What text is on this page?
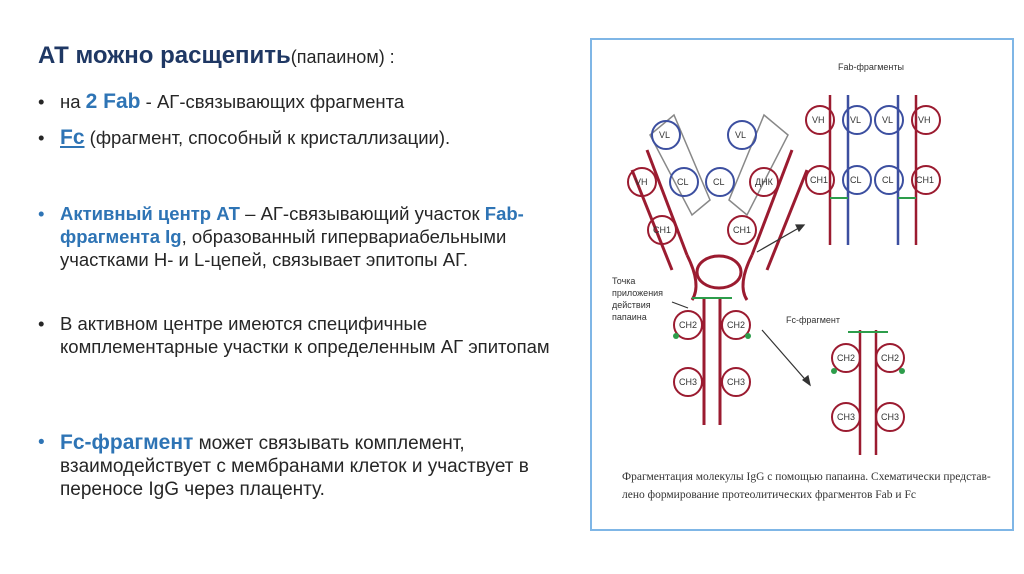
АТ можно расщепить(папаином) :
• на 2 Fab - АГ-связывающих фрагмента
• Fc (фрагмент, способный к кристаллизации).
• Активный центр АТ – АГ-связывающий участок Fab-фрагмента Ig, образованный гипервариабельными участками Н- и L-цепей, связывает эпитопы АГ.
• В активном центре имеются специфичные комплементарные участки к определенным АГ эпитопам
• Fc-фрагмент может связывать комплемент, взаимодействует с мембранами клеток и участвует в переносе IgG через плаценту.
Fab-фрагменты
Fc-фрагмент
Точка
приложения
действия
папаина
VL
VH	CL
CH1
VL
CL	ДНК
CH1
CH2	CH2
CH3	CH3
VH	VL VL	VH
CH1 CL CL CH1
CH2	CH2
CH3	CH3
Фрагментация молекулы IgG с помощью папаина. Схематически представ-лено формирование протеолитических фрагментов Fab и Fc
